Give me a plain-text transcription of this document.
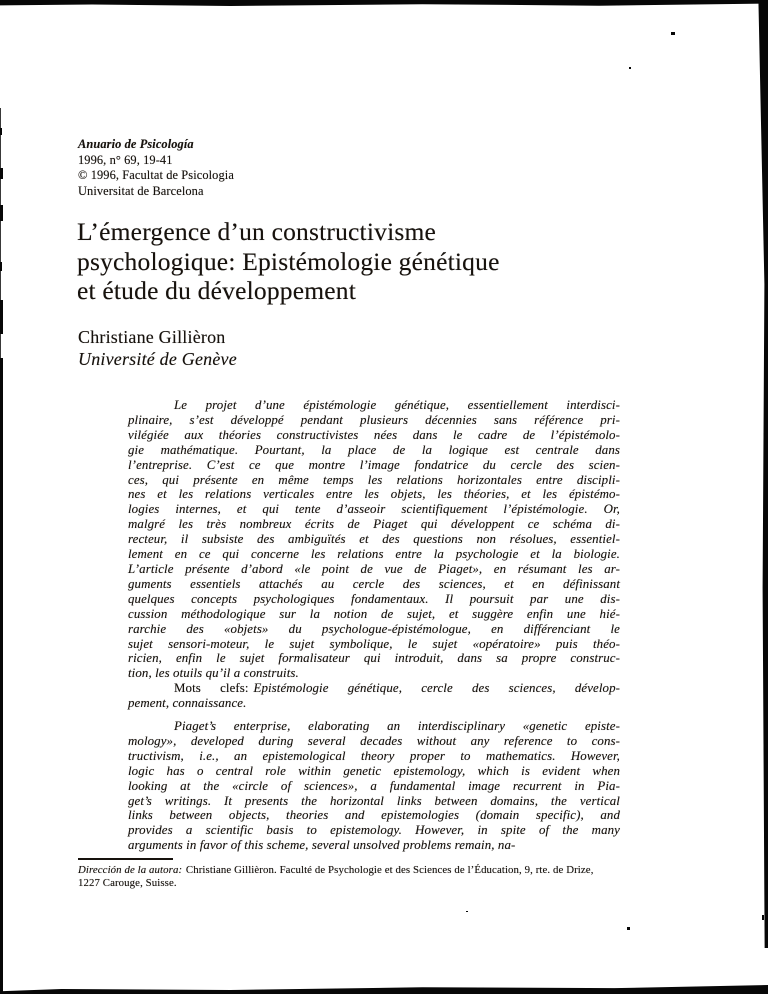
Anuario de Psicología
1996, n° 69, 19-41
© 1996, Facultat de Psicologia
Universitat de Barcelona
L’émergence d’un constructivisme
psychologique: Epistémologie génétique
et étude du développement
Christiane Gillièron
Université de Genève
Le projet d’une épistémologie génétique, essentiellement interdisci-
plinaire, s’est développé pendant plusieurs décennies sans référence pri-
vilégiée aux théories constructivistes nées dans le cadre de l’épistémolo-
gie mathématique. Pourtant, la place de la logique est centrale dans
l’entreprise. C’est ce que montre l’image fondatrice du cercle des scien-
ces, qui présente en même temps les relations horizontales entre discipli-
nes et les relations verticales entre les objets, les théories, et les épistémo-
logies internes, et qui tente d’asseoir scientifiquement l’épistémologie. Or,
malgré les très nombreux écrits de Piaget qui développent ce schéma di-
recteur, il subsiste des ambiguïtés et des questions non résolues, essentiel-
lement en ce qui concerne les relations entre la psychologie et la biologie.
L’article présente d’abord «le point de vue de Piaget», en résumant les ar-
guments essentiels attachés au cercle des sciences, et en définissant
quelques concepts psychologiques fondamentaux. Il poursuit par une dis-
cussion méthodologique sur la notion de sujet, et suggère enfin une hié-
rarchie des «objets» du psychologue-épistémologue, en différenciant le
sujet sensori-moteur, le sujet symbolique, le sujet «opératoire» puis théo-
ricien, enfin le sujet formalisateur qui introduit, dans sa propre construc-
tion, les otuils qu’il a construits.
Mots clefs: Epistémologie génétique, cercle des sciences, dévelop-
pement, connaissance.
Piaget’s enterprise, elaborating an interdisciplinary «genetic episte-
mology», developed during several decades without any reference to cons-
tructivism, i.e., an epistemological theory proper to mathematics. However,
logic has o central role within genetic epistemology, which is evident when
looking at the «circle of sciences», a fundamental image recurrent in Pia-
get’s writings. It presents the horizontal links between domains, the vertical
links between objects, theories and epistemologies (domain specific), and
provides a scientific basis to epistemology. However, in spite of the many
arguments in favor of this scheme, several unsolved problems remain, na-
Dirección de la autora: Christiane Gillièron. Faculté de Psychologie et des Sciences de l’Éducation, 9, rte. de Drize,
1227 Carouge, Suisse.
